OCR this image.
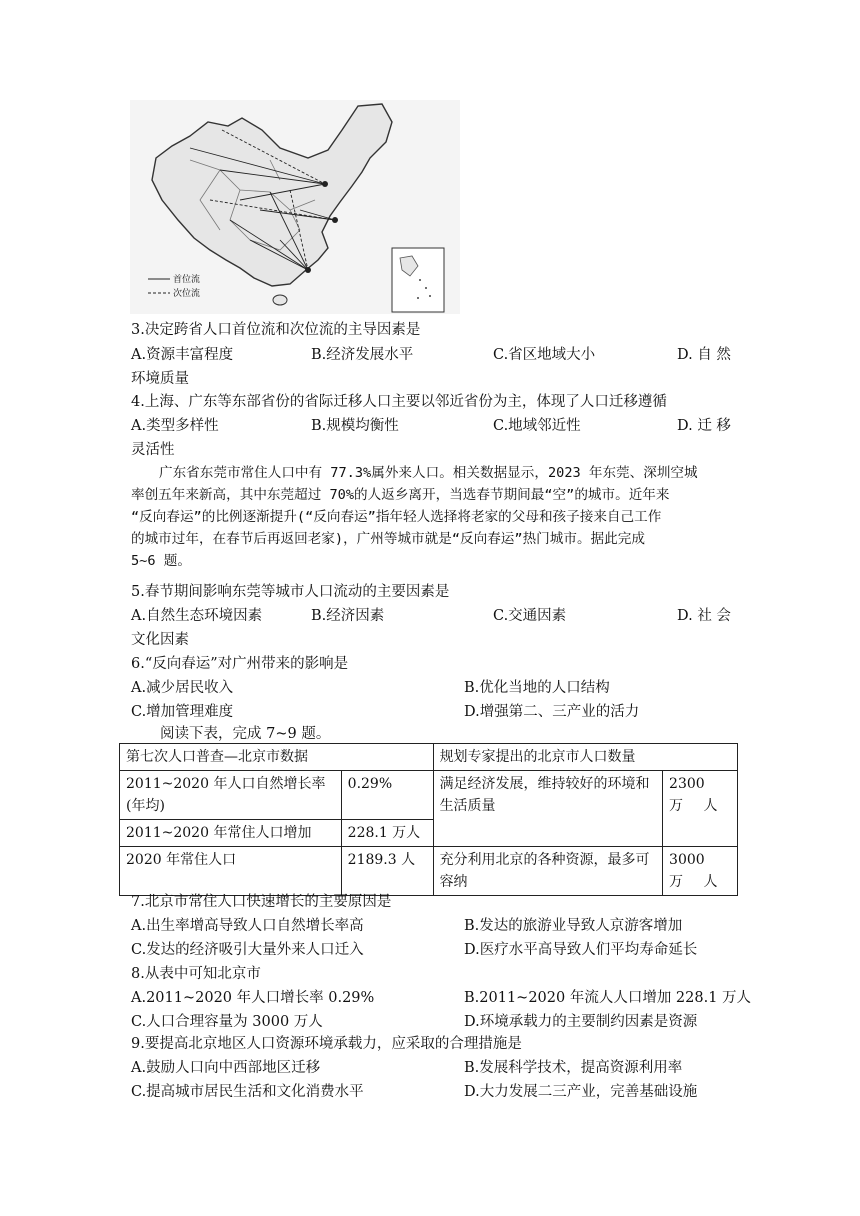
首位流
次位流
3.决定跨省人口首位流和次位流的主导因素是
A.资源丰富程度	B.经济发展水平	C.省区地域大小	D. 自 然
环境质量
4.上海、广东等东部省份的省际迁移人口主要以邻近省份为主，体现了人口迁移遵循
A.类型多样性	B.规模均衡性	C.地域邻近性	D. 迁 移
灵活性
广东省东莞市常住人口中有 77.3%属外来人口。相关数据显示，2023 年东莞、深圳空城
率创五年来新高，其中东莞超过 70%的人返乡离开，当选春节期间最“空”的城市。近年来
“反向春运”的比例逐渐提升(“反向春运”指年轻人选择将老家的父母和孩子接来自己工作
的城市过年，在春节后再返回老家)，广州等城市就是“反向春运”热门城市。据此完成
5~6 题。
5.春节期间影响东莞等城市人口流动的主要因素是
A.自然生态环境因素	B.经济因素	C.交通因素	D. 社 会
文化因素
6.“反向春运”对广州带来的影响是
A.减少居民收入	B.优化当地的人口结构
C.增加管理难度	D.增强第二、三产业的活力
阅读下表，完成 7~9 题。
第七次人口普查—北京市数据		规划专家提出的北京市人口数量	
2011~2020 年人口自然增长率 (年均)	0.29%	满足经济发展，维持较好的环境和生活质量	2300 万 人
2011~2020 年常住人口增加	228.1 万人		
2020 年常住人口	2189.3 人	充分利用北京的各种资源，最多可容纳	3000 万 人
7.北京市常住人口快速增长的主要原因是
A.出生率增高导致人口自然增长率高	B.发达的旅游业导致人京游客增加
C.发达的经济吸引大量外来人口迁入	D.医疗水平高导致人们平均寿命延长
8.从表中可知北京市
A.2011~2020 年人口增长率 0.29%	B.2011~2020 年流人人口增加 228.1 万人
C.人口合理容量为 3000 万人	D.环境承载力的主要制约因素是资源
9.要提高北京地区人口资源环境承载力，应采取的合理措施是
A.鼓励人口向中西部地区迁移	B.发展科学技术，提高资源利用率
C.提高城市居民生活和文化消费水平	D.大力发展二三产业，完善基础设施
